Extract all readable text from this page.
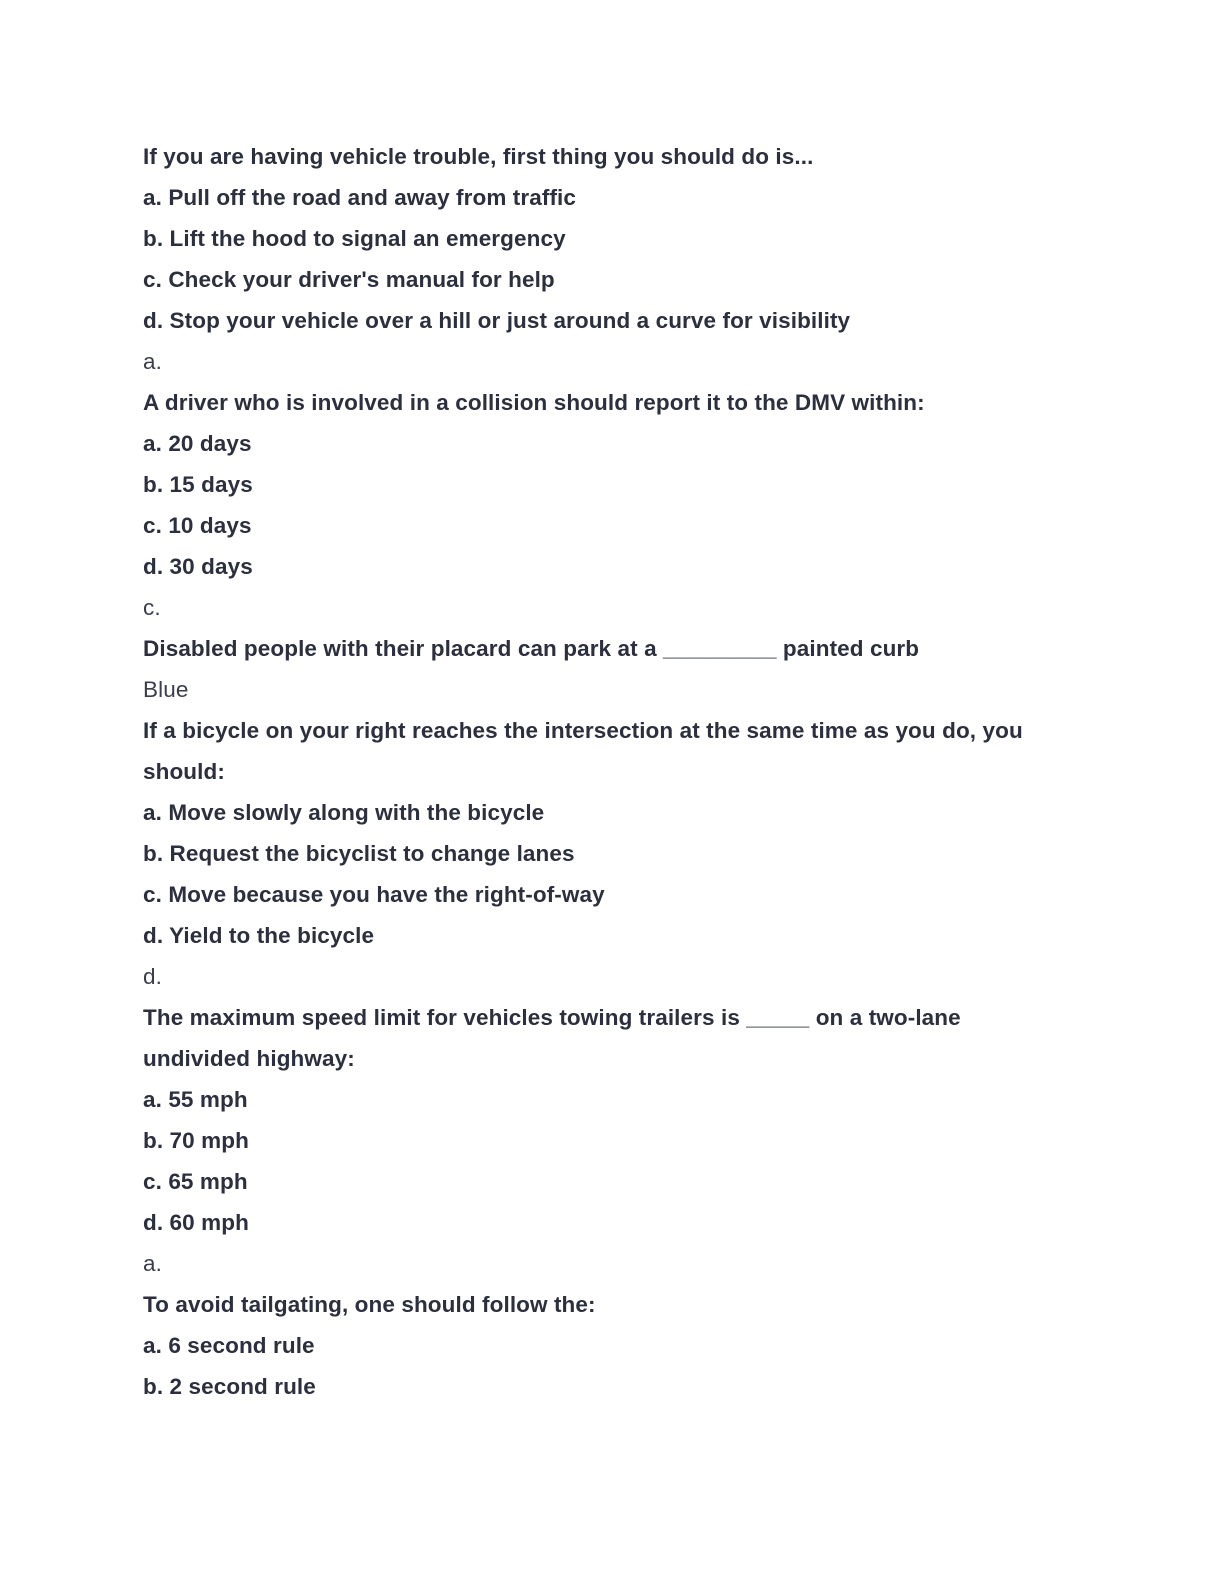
If you are having vehicle trouble, first thing you should do is...
a. Pull off the road and away from traffic
b. Lift the hood to signal an emergency
c. Check your driver's manual for help
d. Stop your vehicle over a hill or just around a curve for visibility
a.
A driver who is involved in a collision should report it to the DMV within:
a. 20 days
b. 15 days
c. 10 days
d. 30 days
c.
Disabled people with their placard can park at a _________ painted curb
Blue
If a bicycle on your right reaches the intersection at the same time as you do, you
should:
a. Move slowly along with the bicycle
b. Request the bicyclist to change lanes
c. Move because you have the right-of-way
d. Yield to the bicycle
d.
The maximum speed limit for vehicles towing trailers is _____ on a two-lane
undivided highway:
a. 55 mph
b. 70 mph
c. 65 mph
d. 60 mph
a.
To avoid tailgating, one should follow the:
a. 6 second rule
b. 2 second rule
